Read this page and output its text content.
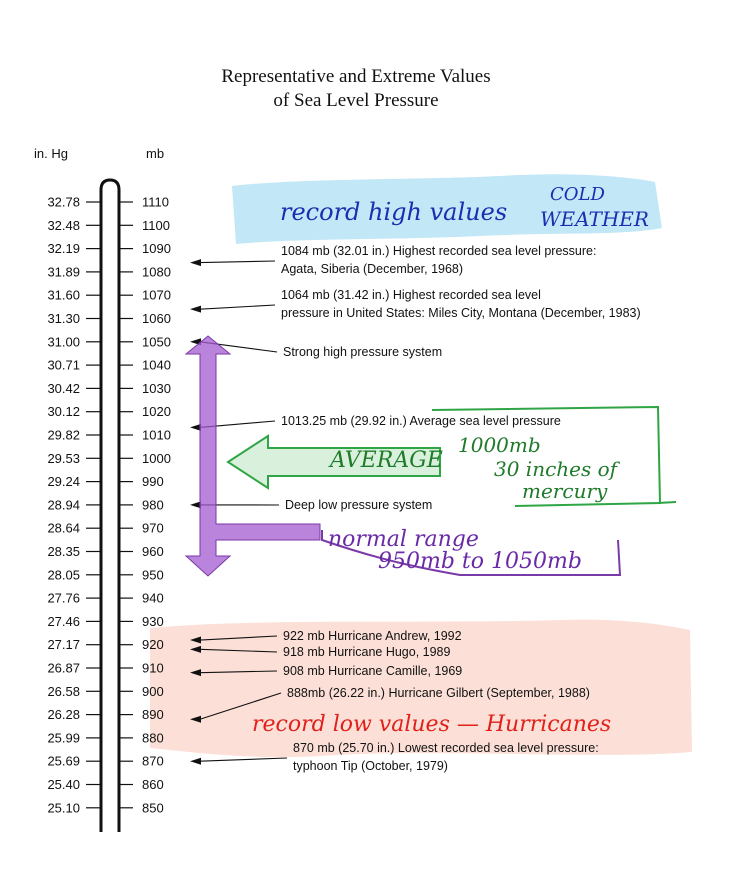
Representative and Extreme Values
of Sea Level Pressure
in. Hg	mb
32.78	1110
32.48	1100
32.19	1090
31.89	1080
31.60	1070
31.30	1060
31.00	1050
30.71	1040
30.42	1030
30.12	1020
29.82	1010
29.53	1000
29.24	990
28.94	980
28.64	970
28.35	960
28.05	950
27.76	940
27.46	930
27.17	920
26.87	910
26.58	900
26.28	890
25.99	880
25.69	870
25.40	860
25.10	850
1084 mb (32.01 in.) Highest recorded sea level pressure:
Agata, Siberia (December, 1968)
1064 mb (31.42 in.) Highest recorded sea level
pressure in United States: Miles City, Montana (December, 1983)
Strong high pressure system
1013.25 mb (29.92 in.) Average sea level pressure
Deep low pressure system
922 mb Hurricane Andrew, 1992
918 mb Hurricane Hugo, 1989
908 mb Hurricane Camille, 1969
888mb (26.22 in.) Hurricane Gilbert (September, 1988)
870 mb (25.70 in.) Lowest recorded sea level pressure:
typhoon Tip (October, 1979)
AVERAGE
1000mb
30 inches of
mercury
normal range
950mb to 1050mb
record high values
COLD
WEATHER
record low values — Hurricanes
